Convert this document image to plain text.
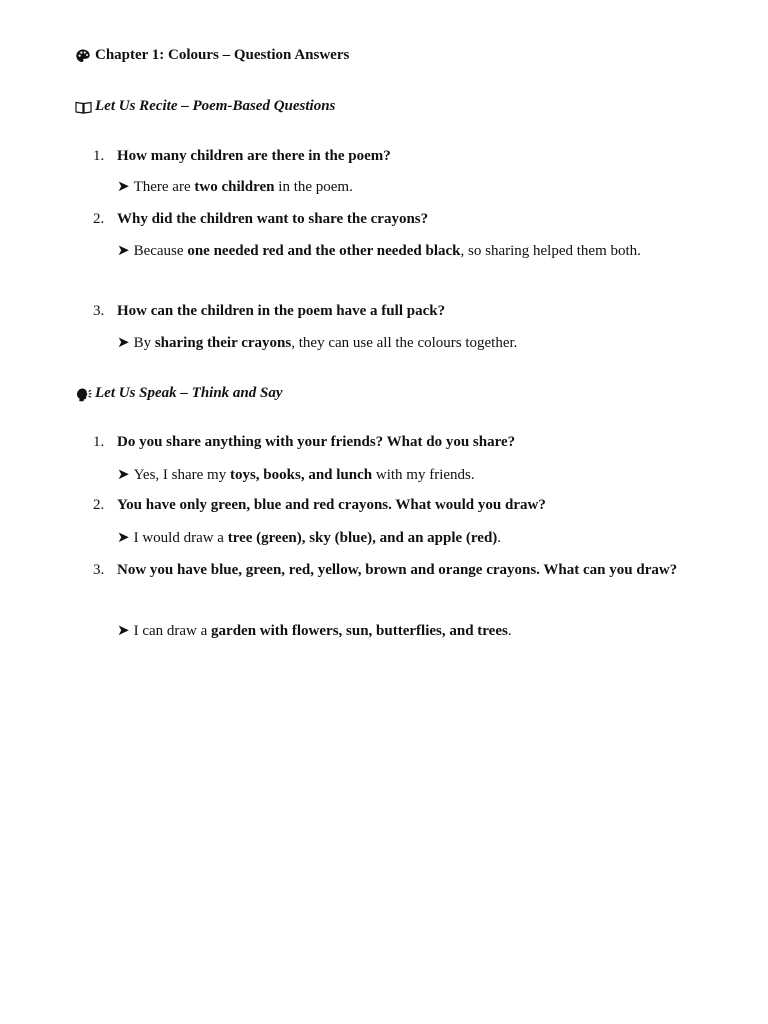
Chapter 1: Colours – Question Answers
Let Us Recite – Poem-Based Questions
1. How many children are there in the poem?
➤ There are two children in the poem.
2. Why did the children want to share the crayons?
➤ Because one needed red and the other needed black, so sharing helped them both.
3. How can the children in the poem have a full pack?
➤ By sharing their crayons, they can use all the colours together.
Let Us Speak – Think and Say
1. Do you share anything with your friends? What do you share?
➤ Yes, I share my toys, books, and lunch with my friends.
2. You have only green, blue and red crayons. What would you draw?
➤ I would draw a tree (green), sky (blue), and an apple (red).
3. Now you have blue, green, red, yellow, brown and orange crayons. What can you draw?
➤ I can draw a garden with flowers, sun, butterflies, and trees.
